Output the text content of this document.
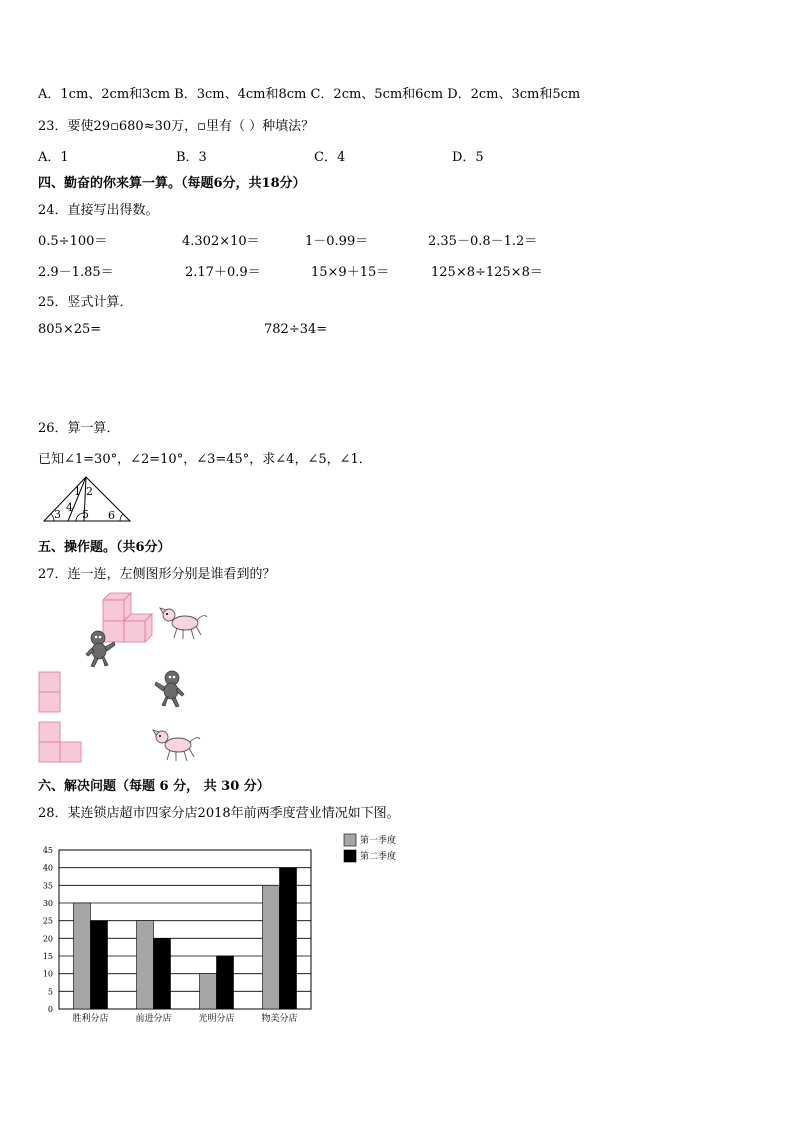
A．1cm、2cm和3cm B．3cm、4cm和8cm C．2cm、5cm和6cm D．2cm、3cm和5cm
23．要使29▫680≈30万，▫里有（ ）种填法？
A．1	B．3	C．4	D．5
四、勤奋的你来算一算。（每题6分，共18分）
24．直接写出得数。
0.5÷100＝	4.302×10＝	1－0.99＝	2.35－0.8－1.2＝
2.9－1.85＝	2.17＋0.9＝	15×9＋15＝	125×8÷125×8＝
25．竖式计算．
805×25=	782÷34=
26．算一算．
已知∠1=30°，∠2=10°，∠3=45°，求∠4，∠5，∠1．
1 2
3
4
5 6
五、操作题。（共6分）
27．连一连，左侧图形分别是谁看到的？
六、解决问题（每题 6 分， 共 30 分）
28．某连锁店超市四家分店2018年前两季度营业情况如下图。
0
5
10
15
20
25
30
35
40
45
胜利分店	前进分店	光明分店	物美分店
第一季度
第二季度
